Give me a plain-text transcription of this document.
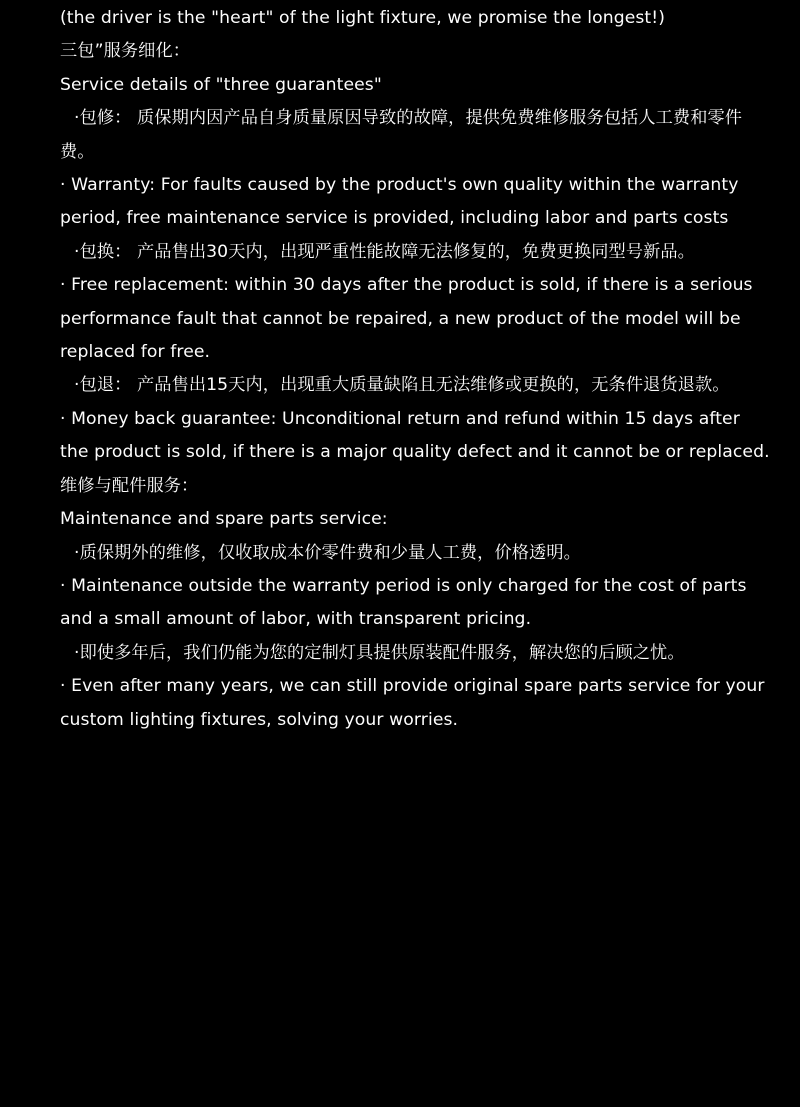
(the driver is the "heart" of the light fixture, we promise the longest!)
三包”服务细化：
Service details of "three guarantees"
·包修： 质保期内因产品自身质量原因导致的故障，提供免费维修服务包括人工费和零件费。
· Warranty: For faults caused by the product's own quality within the warranty period, free maintenance service is provided, including labor and parts costs
·包换： 产品售出30天内，出现严重性能故障无法修复的，免费更换同型号新品。
· Free replacement: within 30 days after the product is sold, if there is a serious performance fault that cannot be repaired, a new product of the model will be replaced for free.
·包退： 产品售出15天内，出现重大质量缺陷且无法维修或更换的，无条件退货退款。
· Money back guarantee: Unconditional return and refund within 15 days after the product is sold, if there is a major quality defect and it cannot be or replaced.
维修与配件服务：
Maintenance and spare parts service:
·质保期外的维修，仅收取成本价零件费和少量人工费，价格透明。
· Maintenance outside the warranty period is only charged for the cost of parts and a small amount of labor, with transparent pricing.
·即使多年后，我们仍能为您的定制灯具提供原装配件服务，解决您的后顾之忧。
· Even after many years, we can still provide original spare parts service for your custom lighting fixtures, solving your worries.
